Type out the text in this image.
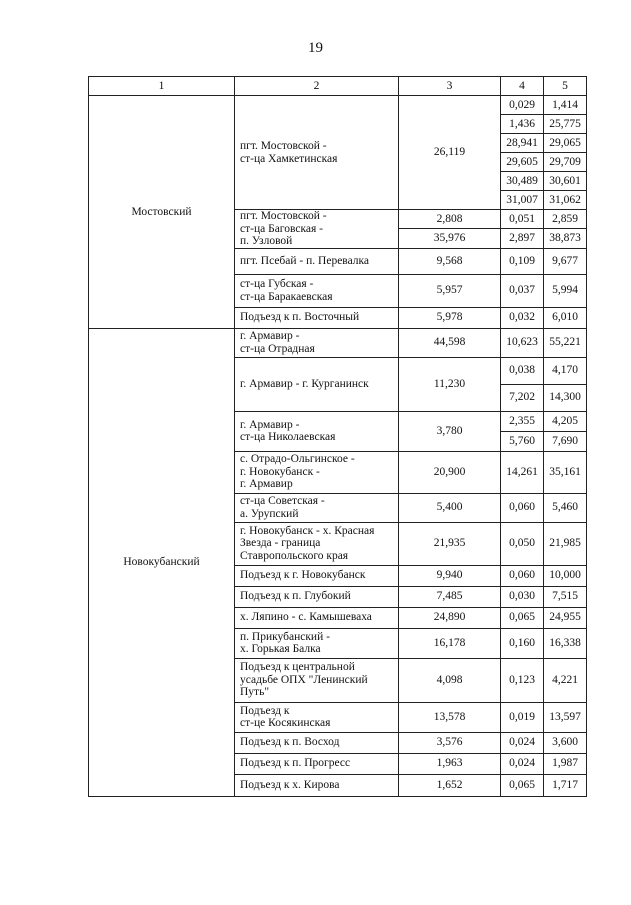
19
1	2	3	4	5
Мостовский	пгт. Мостовской -
ст-ца Хамкетинская	26,119	0,029	1,414
			1,436	25,775
			28,941	29,065
			29,605	29,709
			30,489	30,601
			31,007	31,062
	пгт. Мостовской -
ст-ца Баговская -
п. Узловой	2,808	0,051	2,859
		35,976	2,897	38,873
	пгт. Псебай - п. Перевалка	9,568	0,109	9,677
	ст-ца Губская -
ст-ца Баракаевская	5,957	0,037	5,994
	Подъезд к п. Восточный	5,978	0,032	6,010
Новокубанский	г. Армавир -
ст-ца Отрадная	44,598	10,623	55,221
	г. Армавир - г. Курганинск	11,230	0,038	4,170
			7,202	14,300
	г. Армавир -
ст-ца Николаевская	3,780	2,355	4,205
			5,760	7,690
	с. Отрадо-Ольгинское -
г. Новокубанск -
г. Армавир	20,900	14,261	35,161
	ст-ца Советская -
а. Урупский	5,400	0,060	5,460
	г. Новокубанск - х. Красная
Звезда - граница
Ставропольского края	21,935	0,050	21,985
	Подъезд к г. Новокубанск	9,940	0,060	10,000
	Подъезд к п. Глубокий	7,485	0,030	7,515
	х. Ляпино - с. Камышеваха	24,890	0,065	24,955
	п. Прикубанский -
х. Горькая Балка	16,178	0,160	16,338
	Подъезд к центральной
усадьбе ОПХ "Ленинский
Путь"	4,098	0,123	4,221
	Подъезд к
ст-це Косякинская	13,578	0,019	13,597
	Подъезд к п. Восход	3,576	0,024	3,600
	Подъезд к п. Прогресс	1,963	0,024	1,987
	Подъезд к х. Кирова	1,652	0,065	1,717
